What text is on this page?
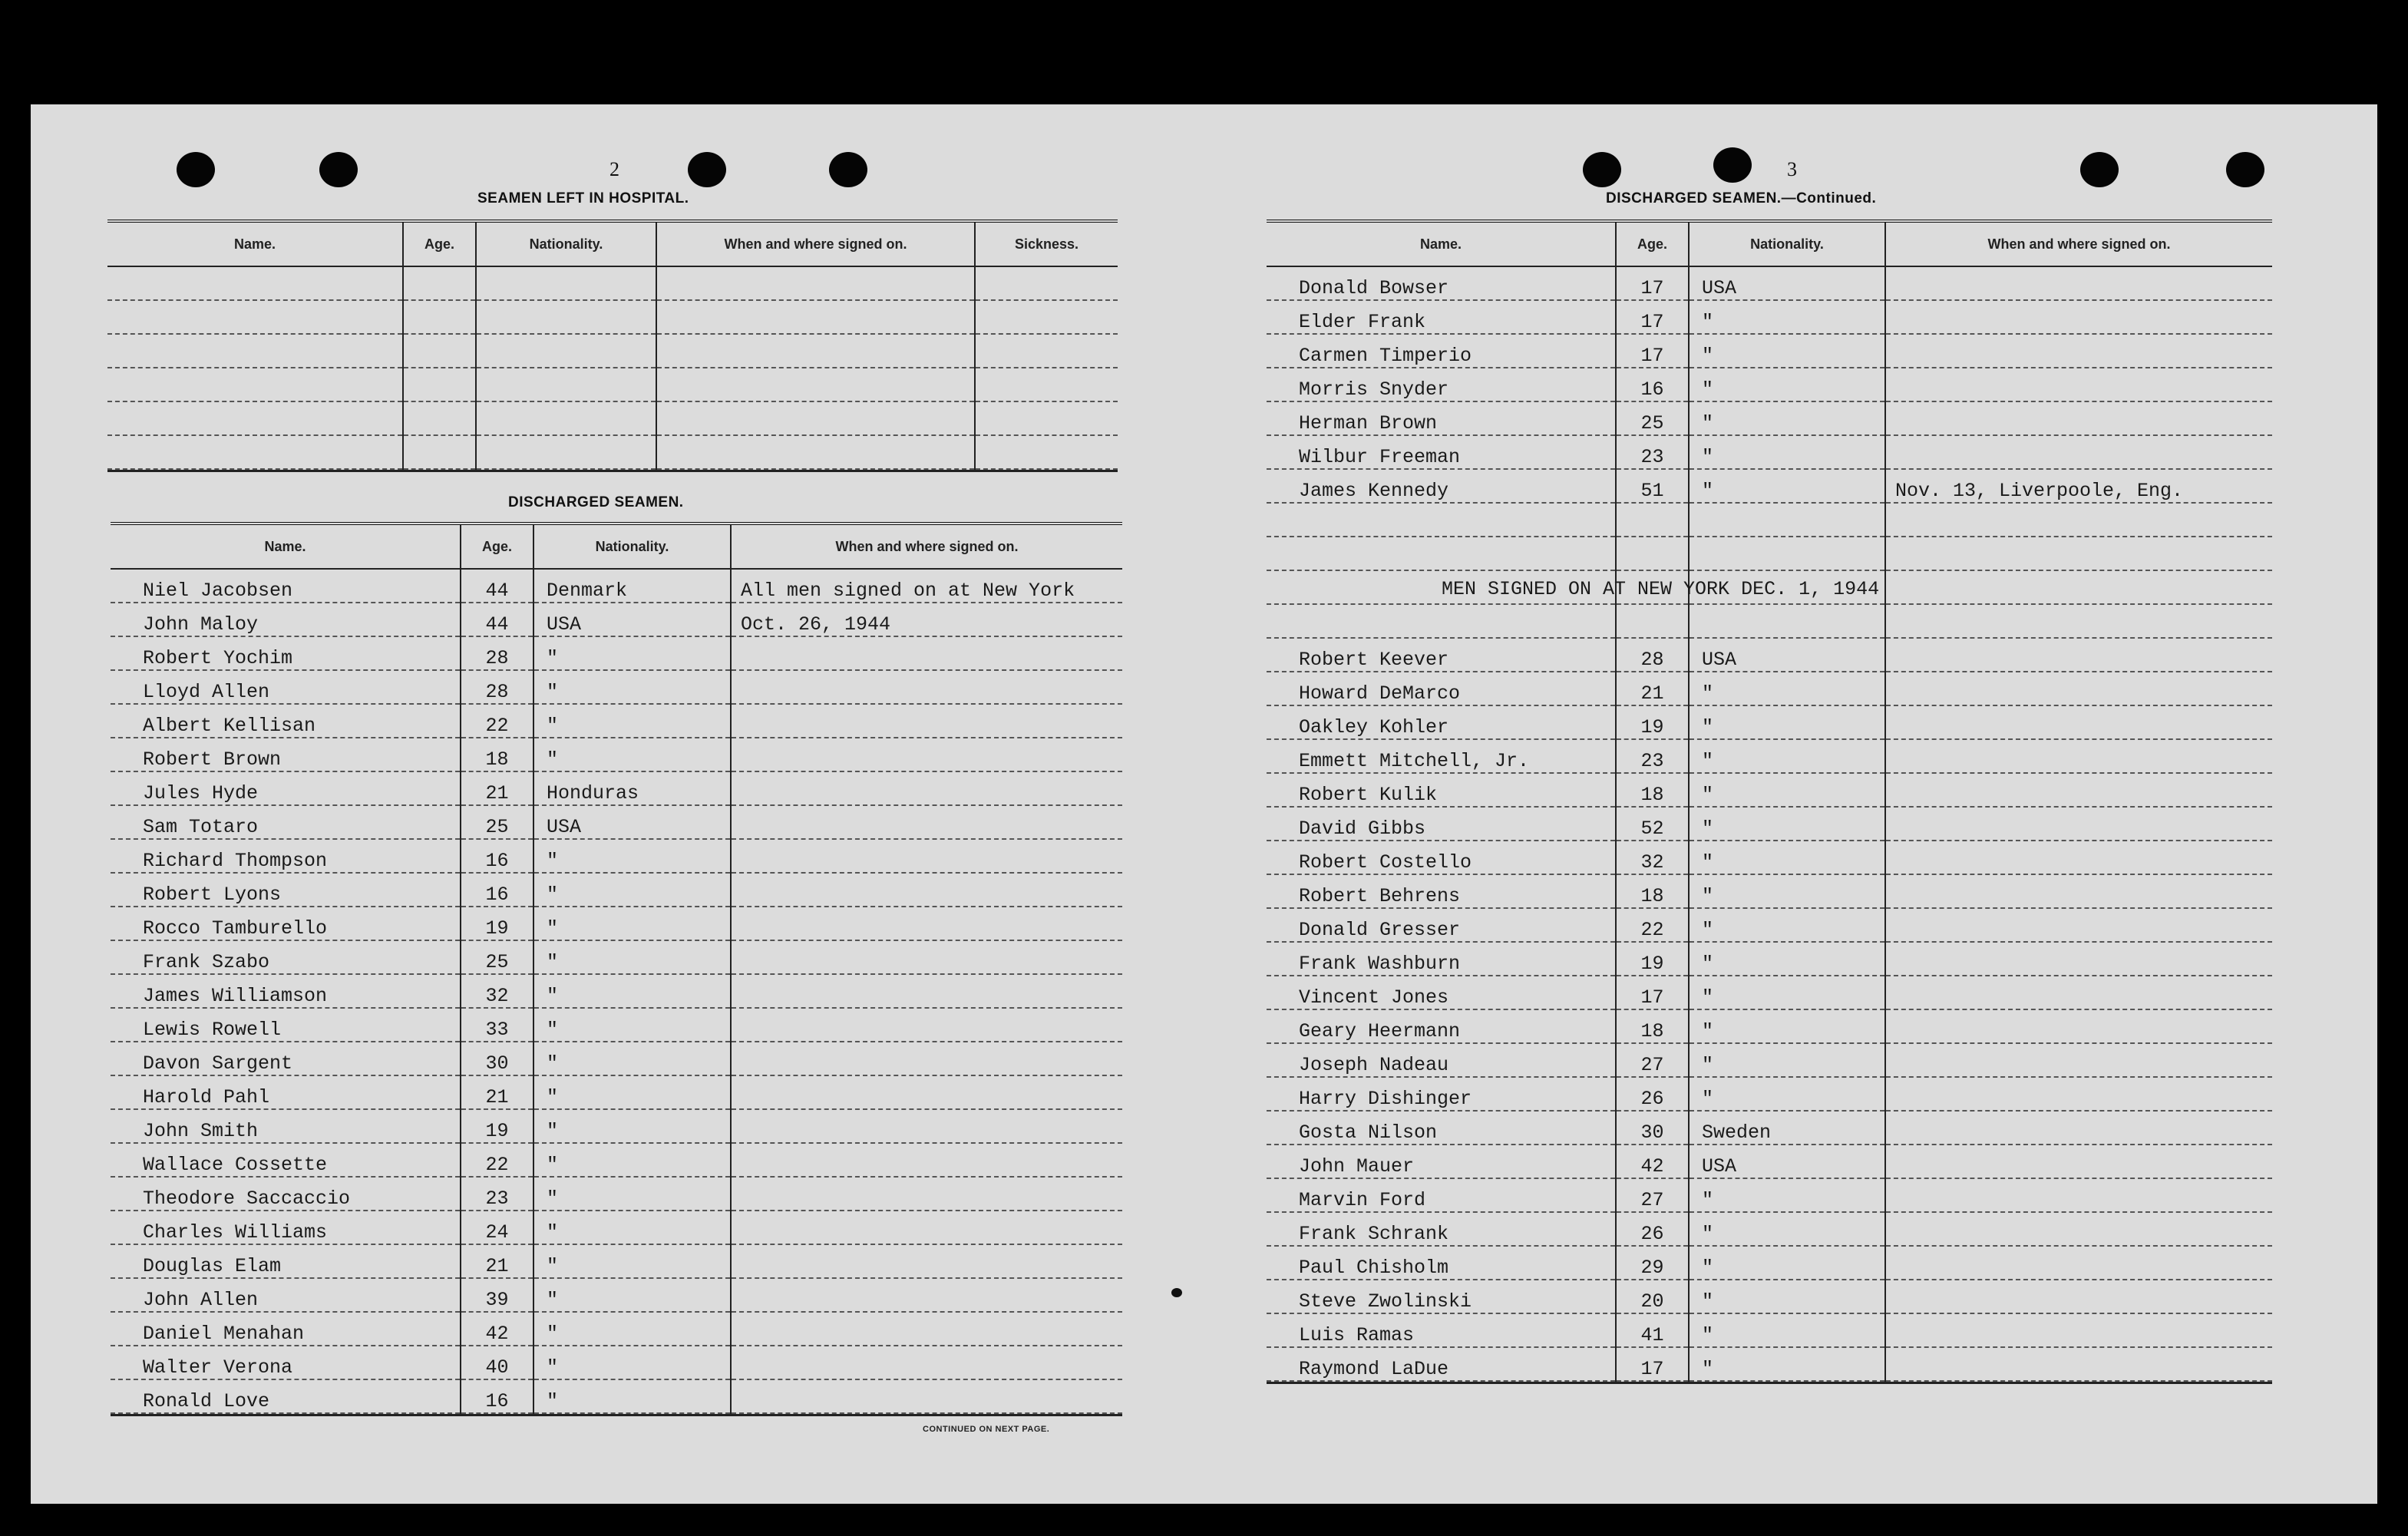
2
SEAMEN LEFT IN HOSPITAL.
Name.	Age.	Nationality.	When and where signed on.	Sickness.

DISCHARGED SEAMEN.
Name.	Age.	Nationality.	When and where signed on.
Niel Jacobsen	44	Denmark	All men signed on at New York
John Maloy	44	USA	Oct. 26, 1944
Robert Yochim	28	"	
Lloyd Allen	28	"	
Albert Kellisan	22	"	
Robert Brown	18	"	
Jules Hyde	21	Honduras	
Sam Totaro	25	USA	
Richard Thompson	16	"	
Robert Lyons	16	"	
Rocco Tamburello	19	"	
Frank Szabo	25	"	
James Williamson	32	"	
Lewis Rowell	33	"	
Davon Sargent	30	"	
Harold Pahl	21	"	
John Smith	19	"	
Wallace Cossette	22	"	
Theodore Saccaccio	23	"	
Charles Williams	24	"	
Douglas Elam	21	"	
John Allen	39	"	
Daniel Menahan	42	"	
Walter Verona	40	"	
Ronald Love	16	"	

CONTINUED ON NEXT PAGE.
3
DISCHARGED SEAMEN.—Continued.
Name.	Age.	Nationality.	When and where signed on.
Donald Bowser	17	USA	
Elder Frank	17	"	
Carmen Timperio	17	"	
Morris Snyder	16	"	
Herman Brown	25	"	
Wilbur Freeman	23	"	
James Kennedy	51	"	Nov. 13, Liverpoole, Eng.

Robert Keever	28	USA	
Howard DeMarco	21	"	
Oakley Kohler	19	"	
Emmett Mitchell, Jr.	23	"	
Robert Kulik	18	"	
David Gibbs	52	"	
Robert Costello	32	"	
Robert Behrens	18	"	
Donald Gresser	22	"	
Frank Washburn	19	"	
Vincent Jones	17	"	
Geary Heermann	18	"	
Joseph Nadeau	27	"	
Harry Dishinger	26	"	
Gosta Nilson	30	Sweden	
John Mauer	42	USA	
Marvin Ford	27	"	
Frank Schrank	26	"	
Paul Chisholm	29	"	
Steve Zwolinski	20	"	
Luis Ramas	41	"	
Raymond LaDue	17	"	

MEN SIGNED ON AT NEW YORK DEC. 1, 1944
